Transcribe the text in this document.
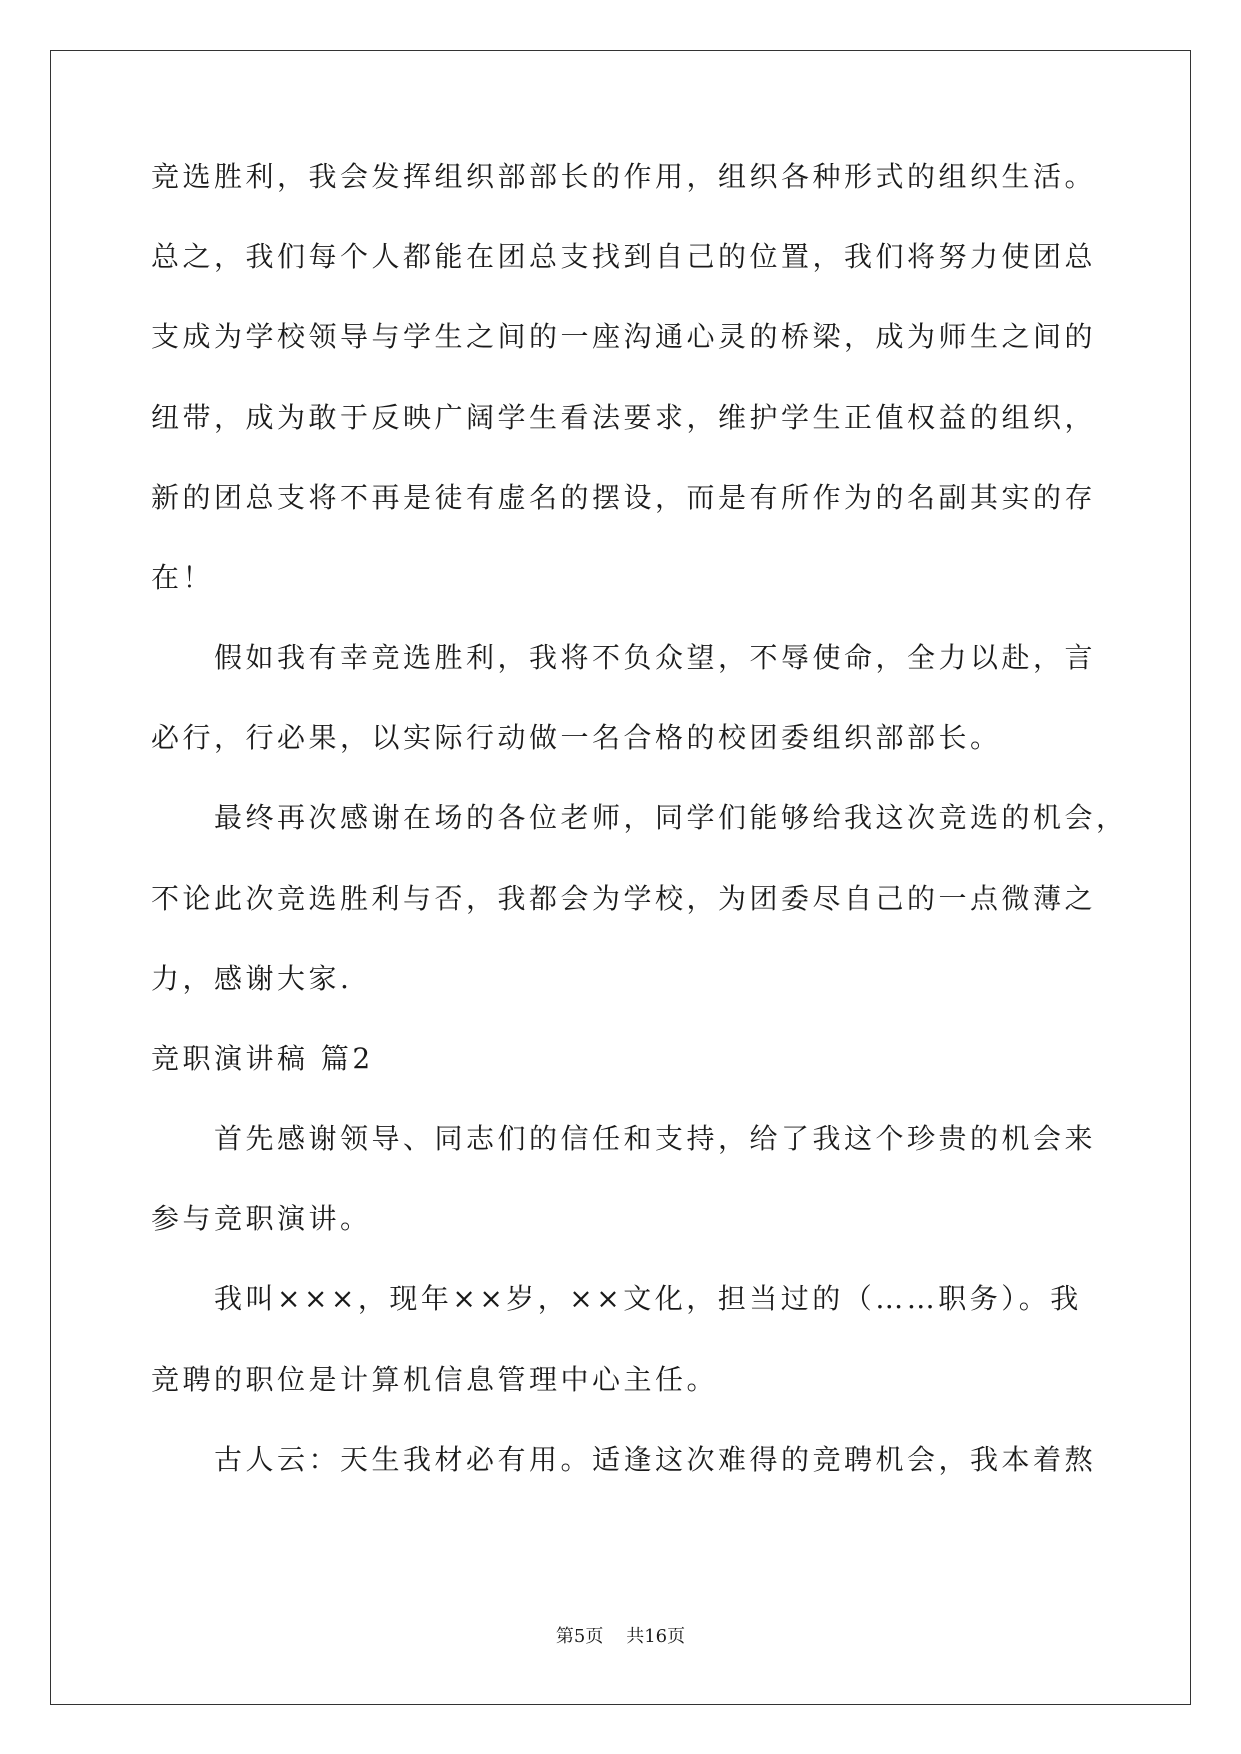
竞选胜利，我会发挥组织部部长的作用，组织各种形式的组织生活。
总之，我们每个人都能在团总支找到自己的位置，我们将努力使团总
支成为学校领导与学生之间的一座沟通心灵的桥梁，成为师生之间的
纽带，成为敢于反映广阔学生看法要求，维护学生正值权益的组织，
新的团总支将不再是徒有虚名的摆设，而是有所作为的名副其实的存
在！
假如我有幸竞选胜利，我将不负众望，不辱使命，全力以赴，言
必行，行必果，以实际行动做一名合格的校团委组织部部长。
最终再次感谢在场的各位老师，同学们能够给我这次竞选的机会，
不论此次竞选胜利与否，我都会为学校，为团委尽自己的一点微薄之
力，感谢大家.
竞职演讲稿 篇2
首先感谢领导、同志们的信任和支持，给了我这个珍贵的机会来
参与竞职演讲。
我叫×××，现年××岁，××文化，担当过的（……职务）。我
竞聘的职位是计算机信息管理中心主任。
古人云：天生我材必有用。适逢这次难得的竞聘机会，我本着熬
第5页    共16页
